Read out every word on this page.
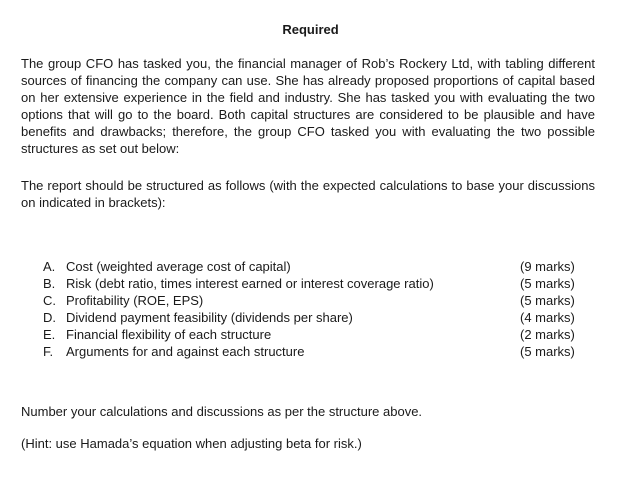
Required

The group CFO has tasked you, the financial manager of Rob’s Rockery Ltd, with tabling different sources of financing the company can use. She has already proposed proportions of capital based on her extensive experience in the field and industry. She has tasked you with evaluating the two options that will go to the board. Both capital structures are considered to be plausible and have benefits and drawbacks; therefore, the group CFO tasked you with evaluating the two possible structures as set out below:

The report should be structured as follows (with the expected calculations to base your discussions on indicated in brackets):

A. Cost (weighted average cost of capital)	(9 marks)
B. Risk (debt ratio, times interest earned or interest coverage ratio)	(5 marks)
C. Profitability (ROE, EPS)	(5 marks)
D. Dividend payment feasibility (dividends per share)	(4 marks)
E. Financial flexibility of each structure	(2 marks)
F. Arguments for and against each structure	(5 marks)

Number your calculations and discussions as per the structure above.

(Hint: use Hamada’s equation when adjusting beta for risk.)
